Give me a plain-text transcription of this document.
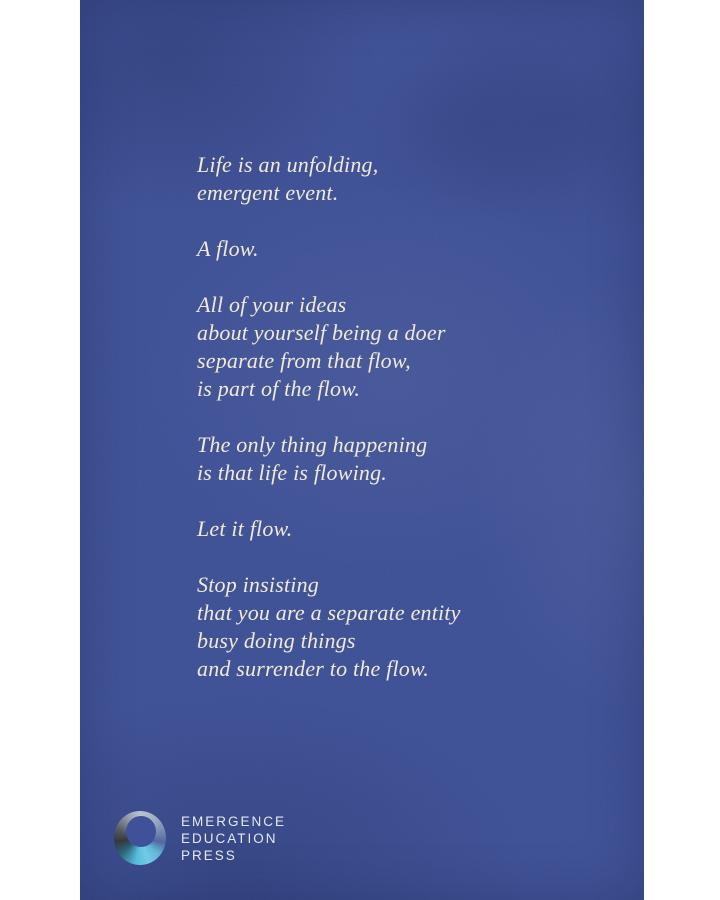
Life is an unfolding,
emergent event.
A flow.
All of your ideas
about yourself being a doer
separate from that flow,
is part of the flow.
The only thing happening
is that life is flowing.
Let it flow.
Stop insisting
that you are a separate entity
busy doing things
and surrender to the flow.
EMERGENCE
EDUCATION
PRESS
